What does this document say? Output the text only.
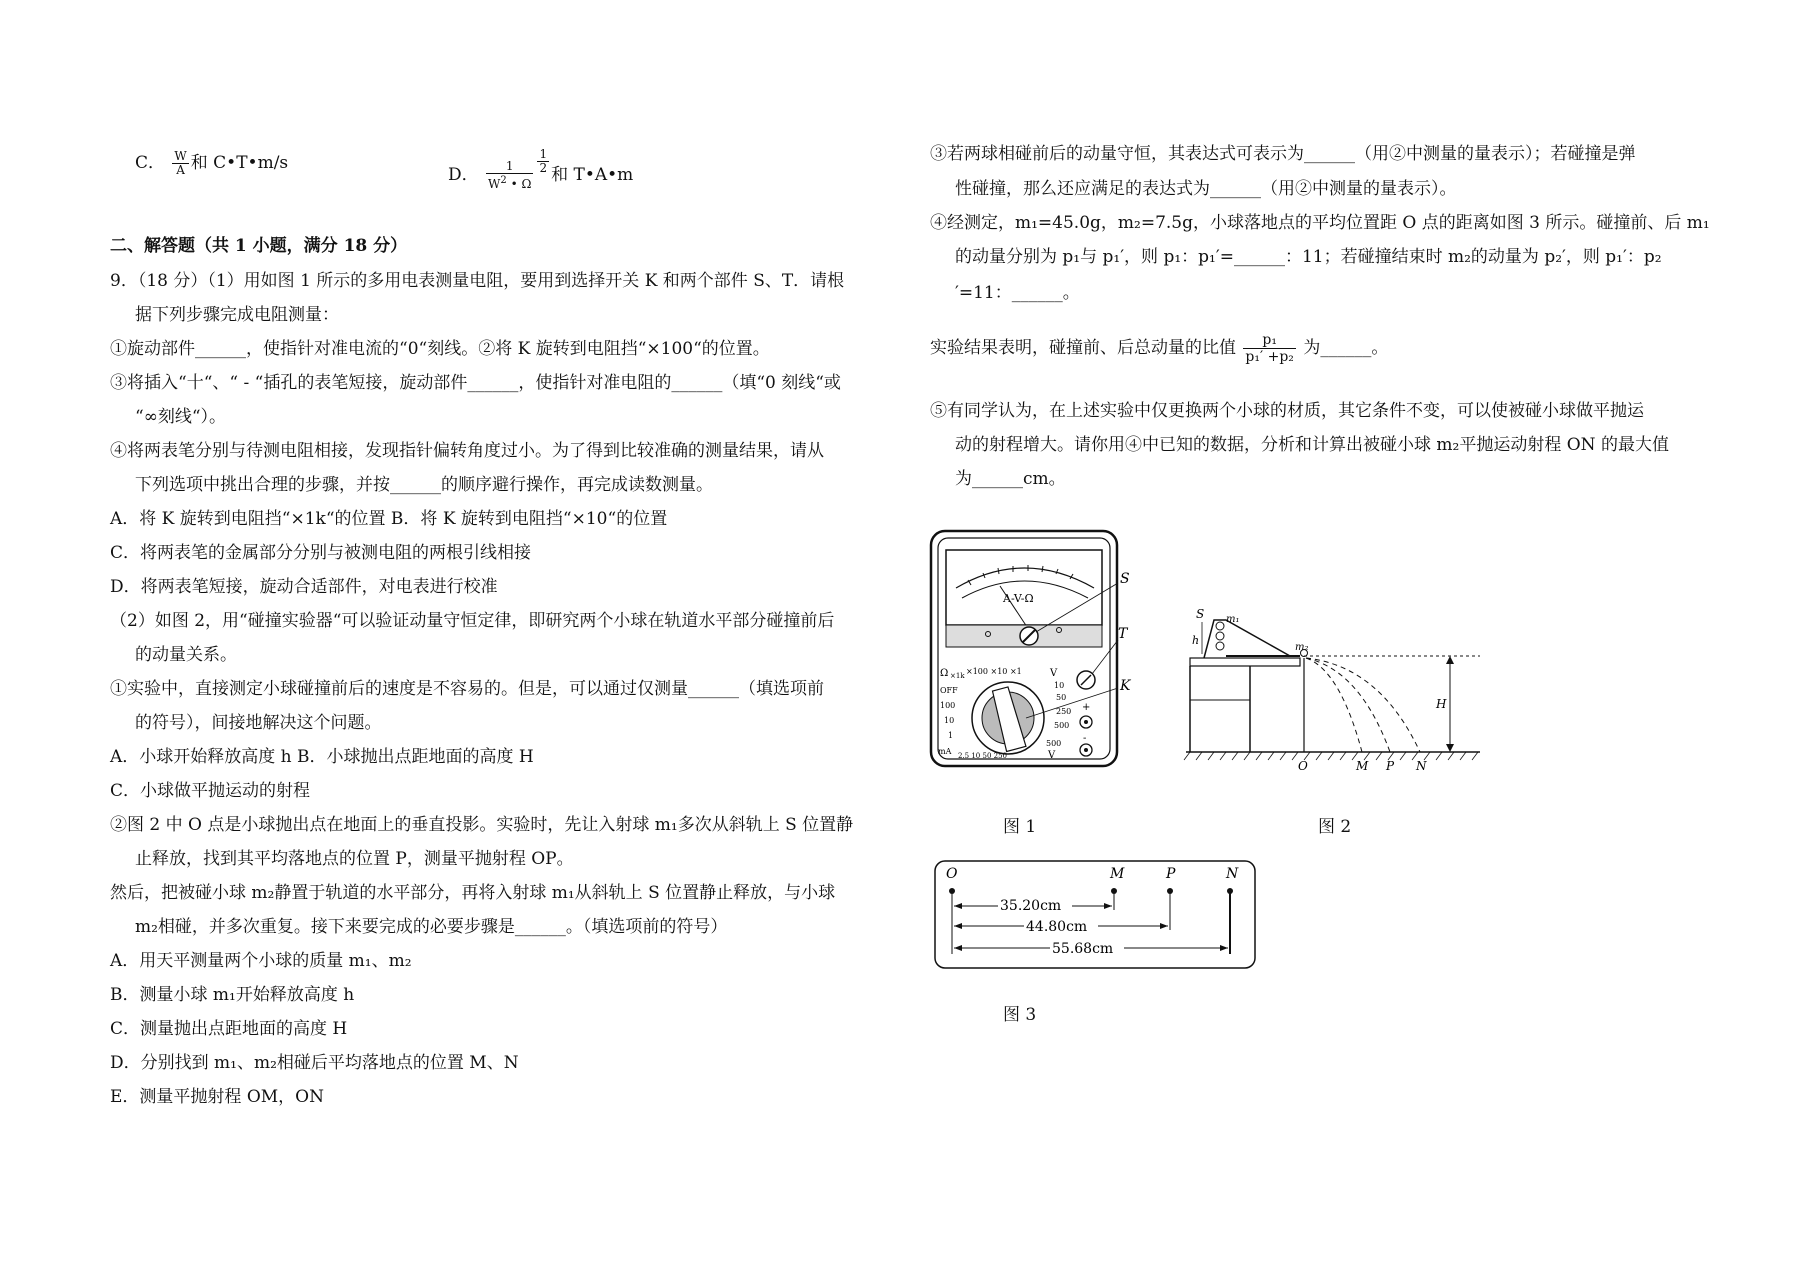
C． $\frac{W}{A}$ 和 C•T•m/s
D． $\frac{1}{W^2 • \Omega} \frac{1}{2}$ 和 T•A•m
二、解答题（共 1 小题，满分 18 分）
9．（18 分）（1）用如图 1 所示的多用电表测量电阻，要用到选择开关 K 和两个部件 S、T．请根
据下列步骤完成电阻测量：
①旋动部件______，使指针对准电流的“0“刻线。②将 K 旋转到电阻挡“×100“的位置。
③将插入“十“、“ - “插孔的表笔短接，旋动部件______，使指针对准电阻的______（填“0 刻线“或
“∞刻线“）。
④将两表笔分别与待测电阻相接，发现指针偏转角度过小。为了得到比较准确的测量结果，请从
下列选项中挑出合理的步骤，并按______的顺序避行操作，再完成读数测量。
A．将 K 旋转到电阻挡“×1k“的位置 B．将 K 旋转到电阻挡“×10“的位置
C．将两表笔的金属部分分别与被测电阻的两根引线相接
D．将两表笔短接，旋动合适部件，对电表进行校准
（2）如图 2，用“碰撞实验器“可以验证动量守恒定律，即研究两个小球在轨道水平部分碰撞前后
的动量关系。
①实验中，直接测定小球碰撞前后的速度是不容易的。但是，可以通过仅测量______（填选项前
的符号），间接地解决这个问题。
A．小球开始释放高度 h B．小球抛出点距地面的高度 H
C．小球做平抛运动的射程
②图 2 中 O 点是小球抛出点在地面上的垂直投影。实验时，先让入射球 m₁多次从斜轨上 S 位置静
止释放，找到其平均落地点的位置 P，测量平抛射程 OP。
然后，把被碰小球 m₂静置于轨道的水平部分，再将入射球 m₁从斜轨上 S 位置静止释放，与小球
m₂相碰，并多次重复。接下来要完成的必要步骤是______。（填选项前的符号）
A．用天平测量两个小球的质量 m₁、m₂
B．测量小球 m₁开始释放高度 h
C．测量抛出点距地面的高度 H
D．分别找到 m₁、m₂相碰后平均落地点的位置 M、N
E．测量平抛射程 OM，ON
③若两球相碰前后的动量守恒，其表达式可表示为______（用②中测量的量表示）；若碰撞是弹
性碰撞，那么还应满足的表达式为______（用②中测量的量表示）。
④经测定，m₁=45.0g，m₂=7.5g，小球落地点的平均位置距 O 点的距离如图 3 所示。碰撞前、后 m₁
的动量分别为 p₁与 p₁′，则 p₁：p₁′=______：11；若碰撞结束时 m₂的动量为 p₂′，则 p₁′：p₂
′=11：______。
实验结果表明，碰撞前、后总动量的比值 $\frac{\text{p₁}}{\text{p₁′ +p₂}}$ 为______。
⑤有同学认为，在上述实验中仅更换两个小球的材质，其它条件不变，可以使被碰小球做平抛运
动的射程增大。请你用④中已知的数据，分析和计算出被碰小球 m₂平抛运动射程 ON 的最大值
为______cm。
A-V-Ω
S
Ω ×1k ×100 ×10 ×1	V
OFF
100
10
1
10
50
250
500
mA 2.5 10 50 250
500
V
K
T
+
-
图 1
S m₁
h
m₂
H
O	M P N
图 2
O	M	P	N
35.20cm
44.80cm
55.68cm
图 3
